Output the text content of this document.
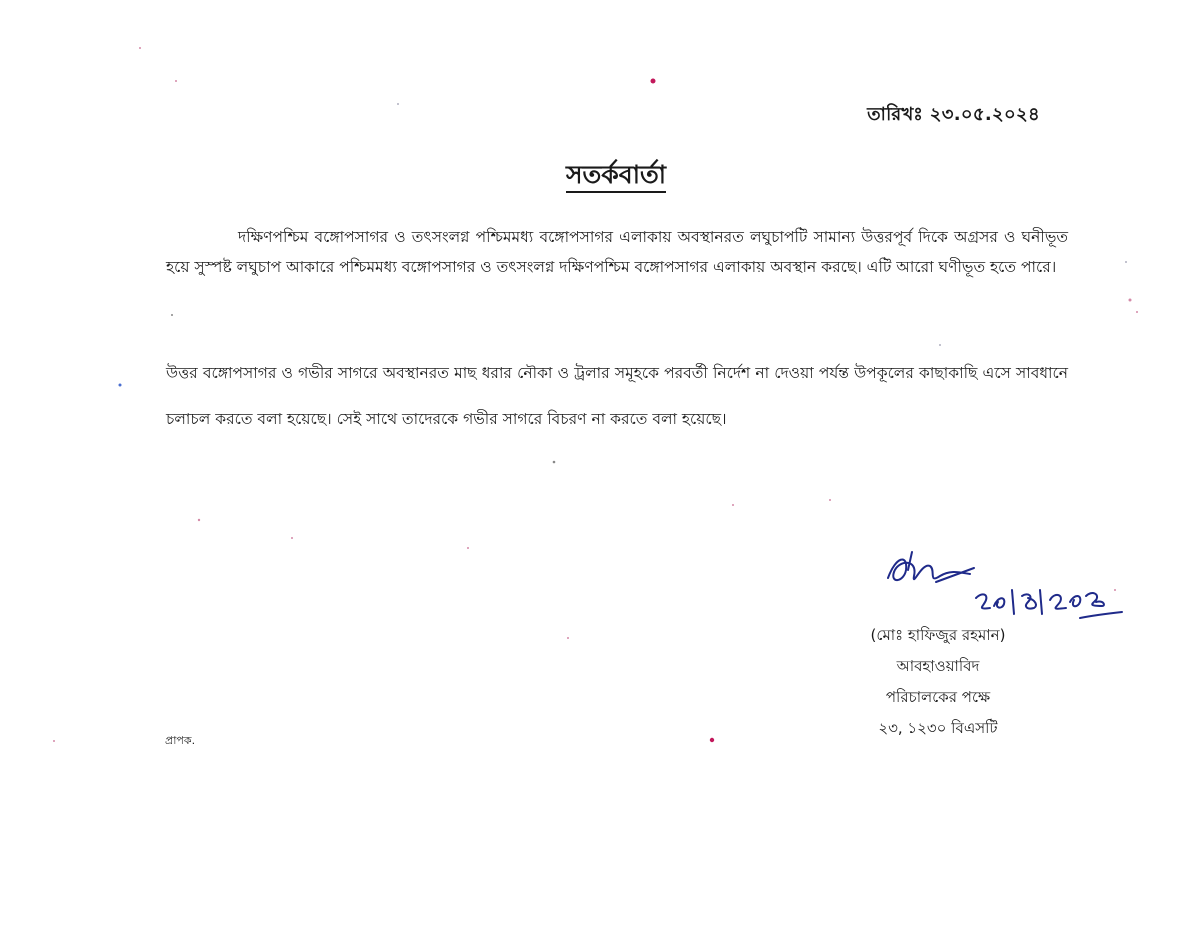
তারিখঃ ২৩.০৫.২০২৪
সতর্কবার্তা

দক্ষিণপশ্চিম বঙ্গোপসাগর ও তৎসংলগ্ন পশ্চিমমধ্য বঙ্গোপসাগর এলাকায় অবস্থানরত লঘুচাপটি সামান্য উত্তরপূর্ব দিকে অগ্রসর ও ঘনীভূত হয়ে সুস্পষ্ট লঘুচাপ আকারে পশ্চিমমধ্য বঙ্গোপসাগর ও তৎসংলগ্ন দক্ষিণপশ্চিম বঙ্গোপসাগর এলাকায় অবস্থান করছে। এটি আরো ঘণীভূত হতে পারে।

উত্তর বঙ্গোপসাগর ও গভীর সাগরে অবস্থানরত মাছ ধরার নৌকা ও ট্রলার সমূহকে পরবর্তী নির্দেশ না দেওয়া পর্যন্ত উপকূলের কাছাকাছি এসে সাবধানে চলাচল করতে বলা হয়েছে। সেই সাথে তাদেরকে গভীর সাগরে বিচরণ না করতে বলা হয়েছে।

(মোঃ হাফিজুর রহমান)
আবহাওয়াবিদ
পরিচালকের পক্ষে
২৩, ১২৩০ বিএসটি
প্রাপক.
